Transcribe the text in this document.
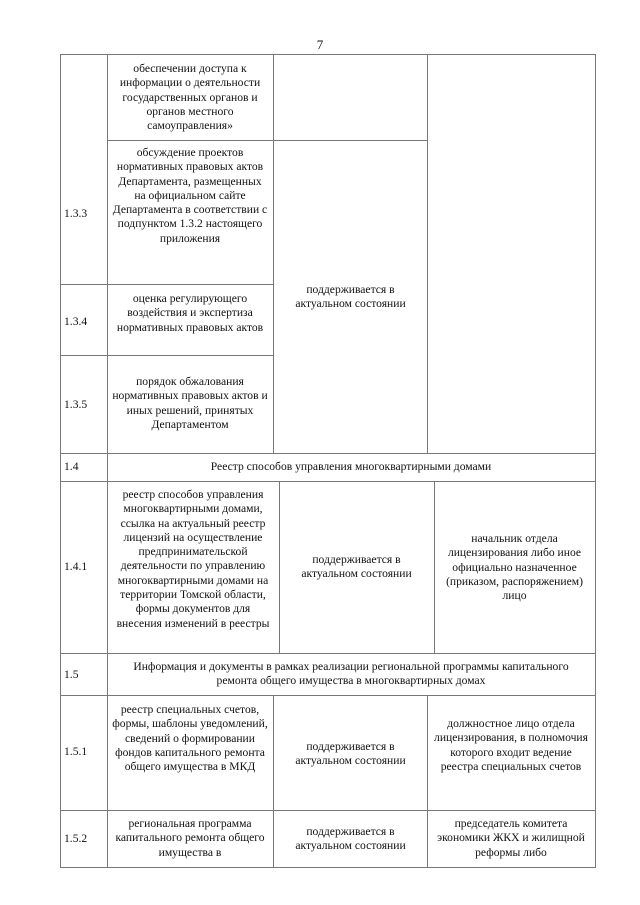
7
обеспечении доступа к информации о деятельности государственных органов и органов местного самоуправления»
1.3.3
обсуждение проектов нормативных правовых актов Департамента, размещенных на официальном сайте Департамента в соответствии с подпунктом 1.3.2 настоящего приложения
поддерживается в актуальном состоянии
1.3.4
оценка регулирующего воздействия и экспертиза нормативных правовых актов
1.3.5
порядок обжалования нормативных правовых актов и иных решений, принятых Департаментом
1.4	Реестр способов управления многоквартирными домами
1.4.1
реестр способов управления многоквартирными домами, ссылка на актуальный реестр лицензий на осуществление предпринимательской деятельности по управлению многоквартирными домами на территории Томской области, формы документов для внесения изменений в реестры
поддерживается в актуальном состоянии
начальник отдела лицензирования либо иное официально назначенное (приказом, распоряжением) лицо
1.5
Информация и документы в рамках реализации региональной программы капитального ремонта общего имущества в многоквартирных домах
1.5.1
реестр специальных счетов, формы, шаблоны уведомлений, сведений о формировании фондов капитального ремонта общего имущества в МКД
поддерживается в актуальном состоянии
должностное лицо отдела лицензирования, в полномочия которого входит ведение реестра специальных счетов
1.5.2
региональная программа капитального ремонта общего имущества в
поддерживается в актуальном состоянии
председатель комитета экономики ЖКХ и жилищной реформы либо
